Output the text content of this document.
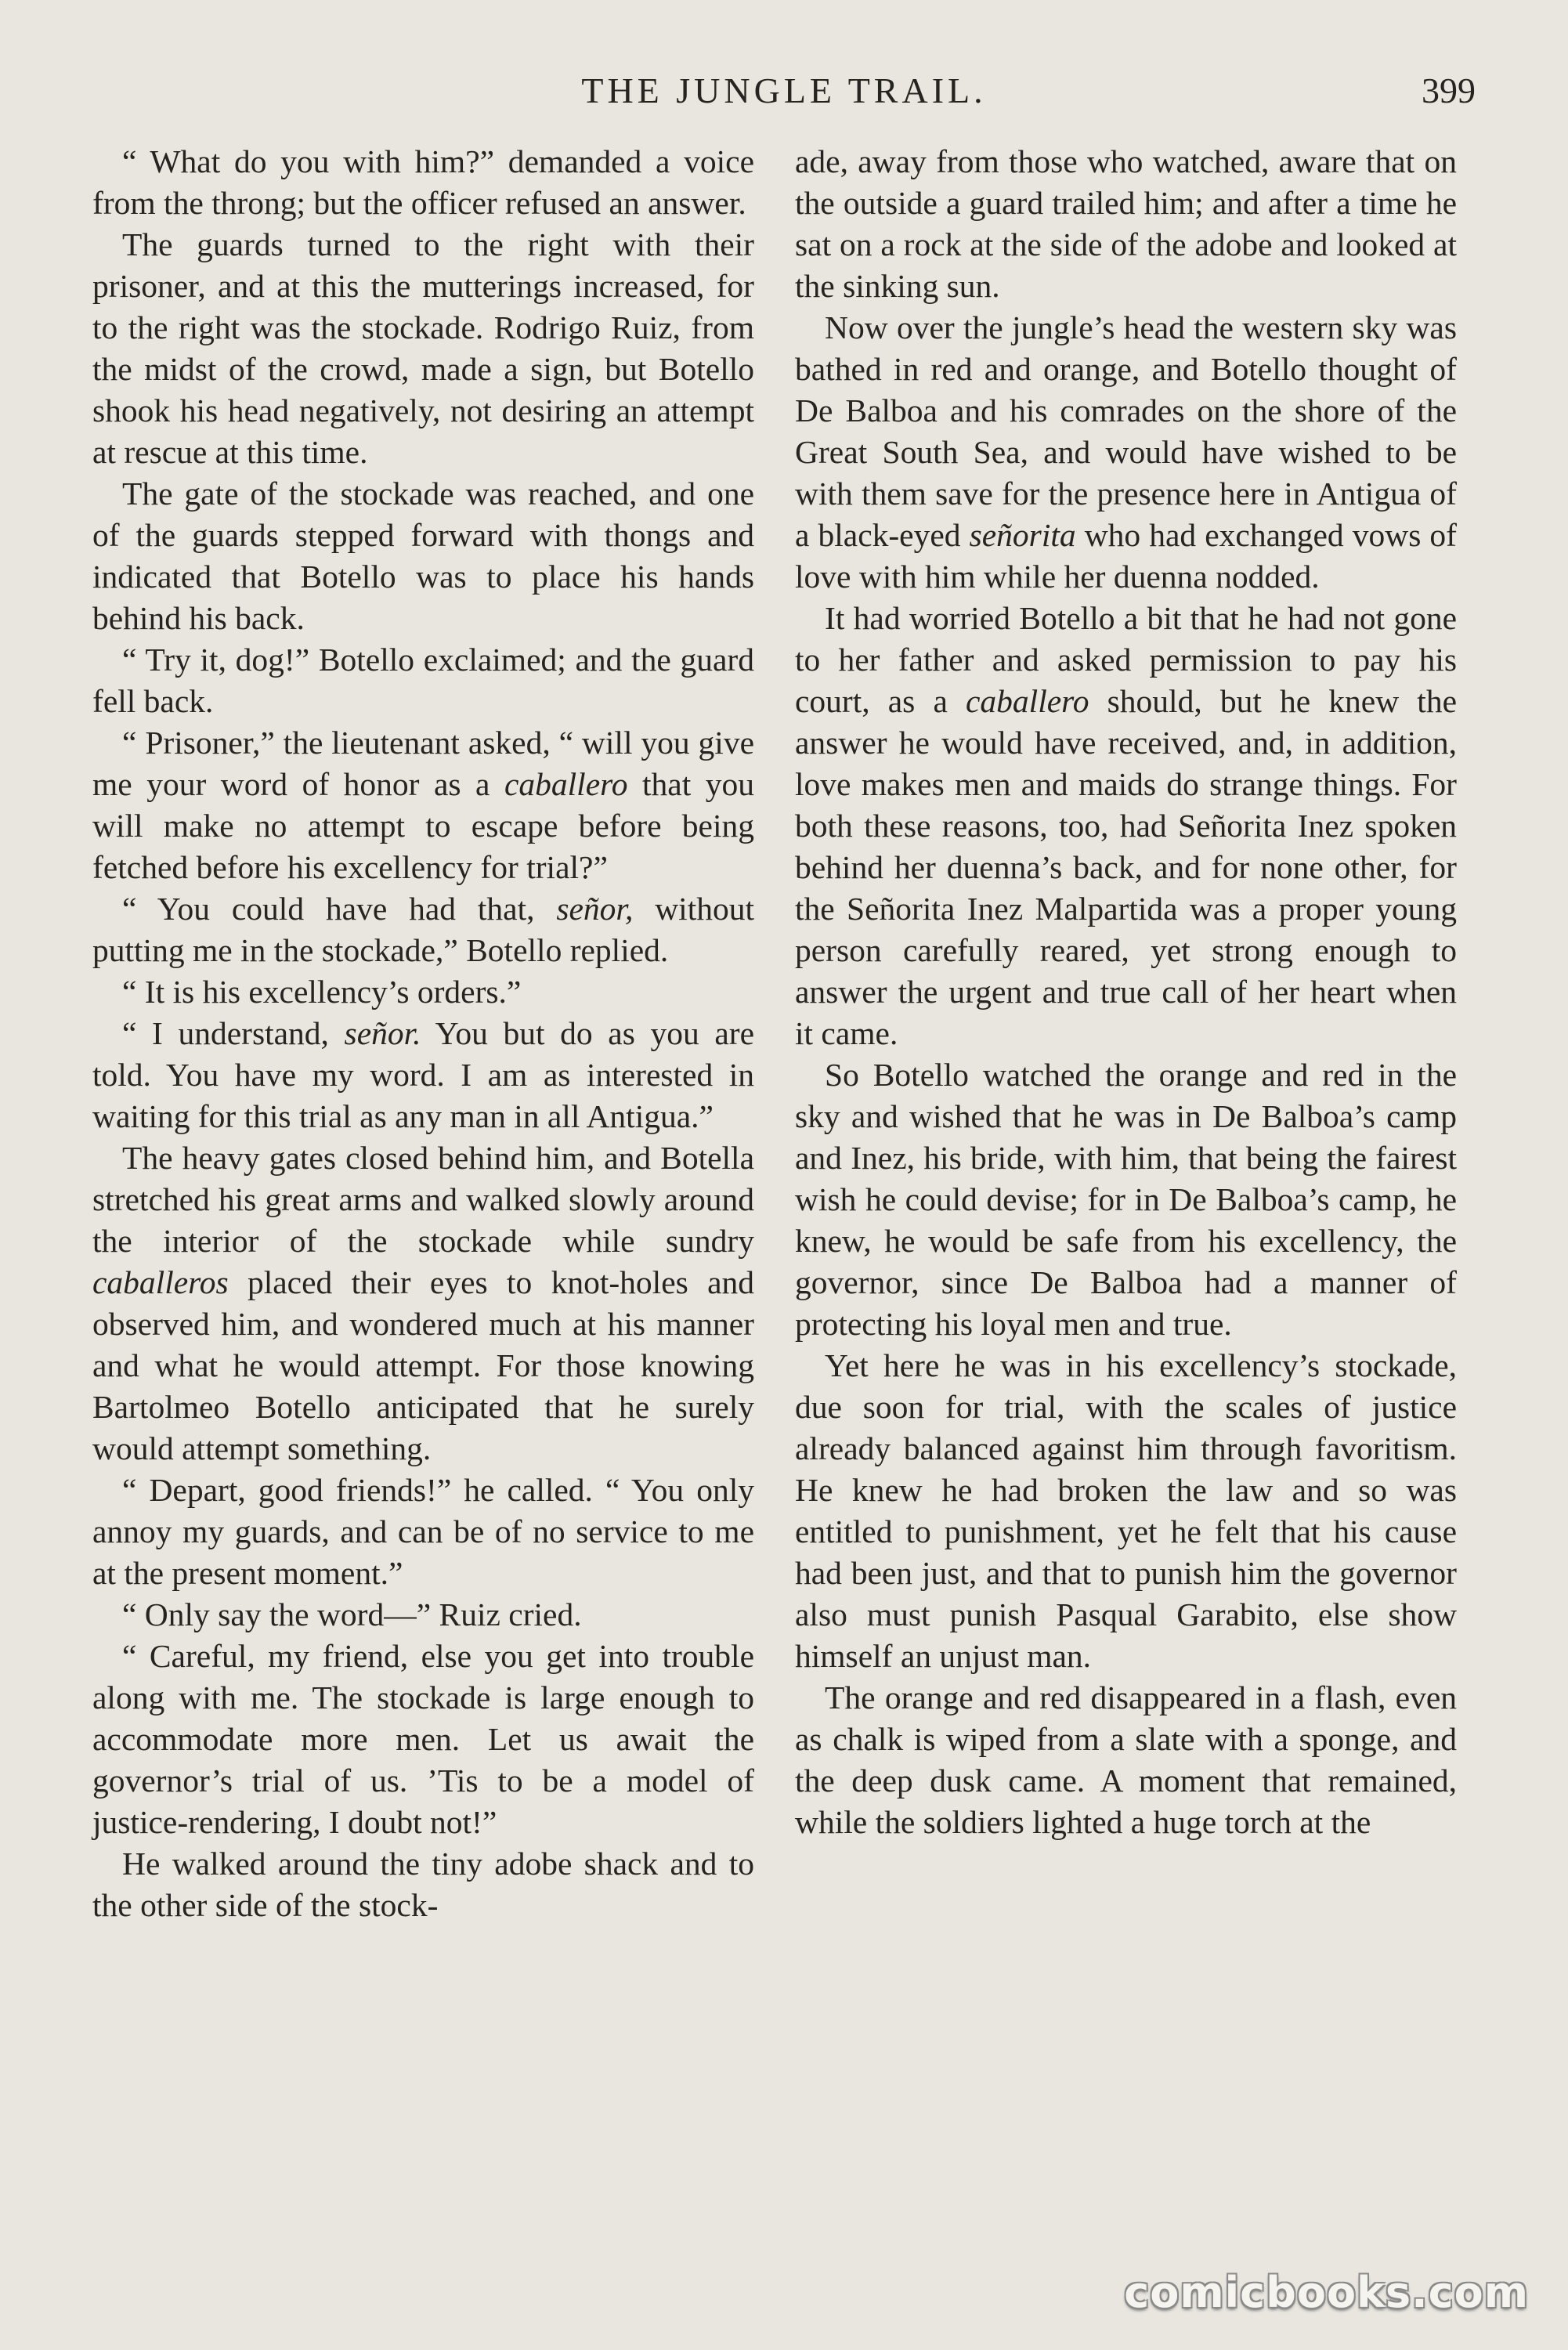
THE JUNGLE TRAIL.	399

“ What do you with him?” demanded a voice from the throng; but the officer refused an answer.

The guards turned to the right with their prisoner, and at this the mutterings increased, for to the right was the stockade. Rodrigo Ruiz, from the midst of the crowd, made a sign, but Botello shook his head negatively, not desiring an attempt at rescue at this time.

The gate of the stockade was reached, and one of the guards stepped forward with thongs and indicated that Botello was to place his hands behind his back.

“ Try it, dog!” Botello exclaimed; and the guard fell back.

“ Prisoner,” the lieutenant asked, “ will you give me your word of honor as a caballero that you will make no attempt to escape before being fetched before his excellency for trial?”

“ You could have had that, señor, without putting me in the stockade,” Botello replied.

“ It is his excellency’s orders.”

“ I understand, señor. You but do as you are told. You have my word. I am as interested in waiting for this trial as any man in all Antigua.”

The heavy gates closed behind him, and Botella stretched his great arms and walked slowly around the interior of the stockade while sundry caballeros placed their eyes to knot-holes and observed him, and wondered much at his manner and what he would attempt. For those knowing Bartolmeo Botello anticipated that he surely would attempt something.

“ Depart, good friends!” he called. “ You only annoy my guards, and can be of no service to me at the present moment.”

“ Only say the word—” Ruiz cried.

“ Careful, my friend, else you get into trouble along with me. The stockade is large enough to accommodate more men. Let us await the governor’s trial of us. ’Tis to be a model of justice-rendering, I doubt not!”

He walked around the tiny adobe shack and to the other side of the stock-

ade, away from those who watched, aware that on the outside a guard trailed him; and after a time he sat on a rock at the side of the adobe and looked at the sinking sun.

Now over the jungle’s head the western sky was bathed in red and orange, and Botello thought of De Balboa and his comrades on the shore of the Great South Sea, and would have wished to be with them save for the presence here in Antigua of a black-eyed señorita who had exchanged vows of love with him while her duenna nodded.

It had worried Botello a bit that he had not gone to her father and asked permission to pay his court, as a caballero should, but he knew the answer he would have received, and, in addition, love makes men and maids do strange things. For both these reasons, too, had Señorita Inez spoken behind her duenna’s back, and for none other, for the Señorita Inez Malpartida was a proper young person carefully reared, yet strong enough to answer the urgent and true call of her heart when it came.

So Botello watched the orange and red in the sky and wished that he was in De Balboa’s camp and Inez, his bride, with him, that being the fairest wish he could devise; for in De Balboa’s camp, he knew, he would be safe from his excellency, the governor, since De Balboa had a manner of protecting his loyal men and true.

Yet here he was in his excellency’s stockade, due soon for trial, with the scales of justice already balanced against him through favoritism. He knew he had broken the law and so was entitled to punishment, yet he felt that his cause had been just, and that to punish him the governor also must punish Pasqual Garabito, else show himself an unjust man.

The orange and red disappeared in a flash, even as chalk is wiped from a slate with a sponge, and the deep dusk came. A moment that remained, while the soldiers lighted a huge torch at the

comicbooks.com
